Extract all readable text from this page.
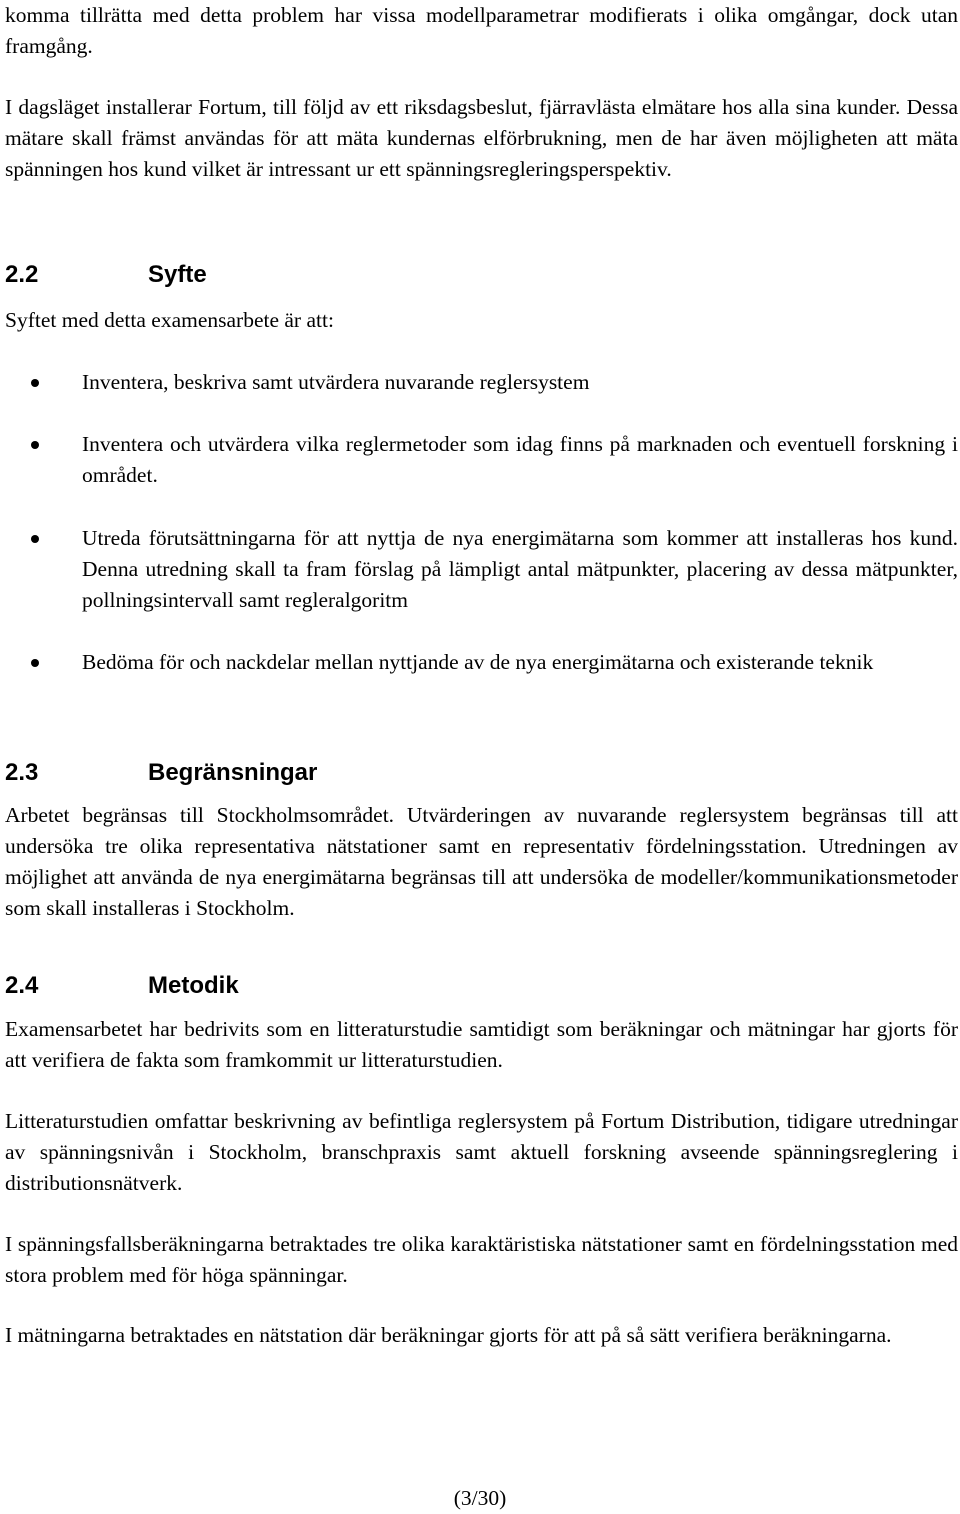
komma tillrätta med detta problem har vissa modellparametrar modifierats i olika omgångar, dock utan framgång.

I dagsläget installerar Fortum, till följd av ett riksdagsbeslut, fjärravlästa elmätare hos alla sina kunder. Dessa mätare skall främst användas för att mäta kundernas elförbrukning, men de har även möjligheten att mäta spänningen hos kund vilket är intressant ur ett spänningsregleringsperspektiv.

2.2	Syfte

Syftet med detta examensarbete är att:

Inventera, beskriva samt utvärdera nuvarande reglersystem
Inventera och utvärdera vilka reglermetoder som idag finns på marknaden och eventuell forskning i området.
Utreda förutsättningarna för att nyttja de nya energimätarna som kommer att installeras hos kund. Denna utredning skall ta fram förslag på lämpligt antal mätpunkter, placering av dessa mätpunkter, pollningsintervall samt regleralgoritm
Bedöma för och nackdelar mellan nyttjande av de nya energimätarna och existerande teknik
2.3	Begränsningar

Arbetet begränsas till Stockholmsområdet. Utvärderingen av nuvarande reglersystem begränsas till att undersöka tre olika representativa nätstationer samt en representativ fördelningsstation. Utredningen av möjlighet att använda de nya energimätarna begränsas till att undersöka de modeller/kommunikationsmetoder som skall installeras i Stockholm.

2.4	Metodik

Examensarbetet har bedrivits som en litteraturstudie samtidigt som beräkningar och mätningar har gjorts för att verifiera de fakta som framkommit ur litteraturstudien.

Litteraturstudien omfattar beskrivning av befintliga reglersystem på Fortum Distribution, tidigare utredningar av spänningsnivån i Stockholm, branschpraxis samt aktuell forskning avseende spänningsreglering i distributionsnätverk.

I spänningsfallsberäkningarna betraktades tre olika karaktäristiska nätstationer samt en fördelningsstation med stora problem med för höga spänningar.

I mätningarna betraktades en nätstation där beräkningar gjorts för att på så sätt verifiera beräkningarna.

(3/30)
